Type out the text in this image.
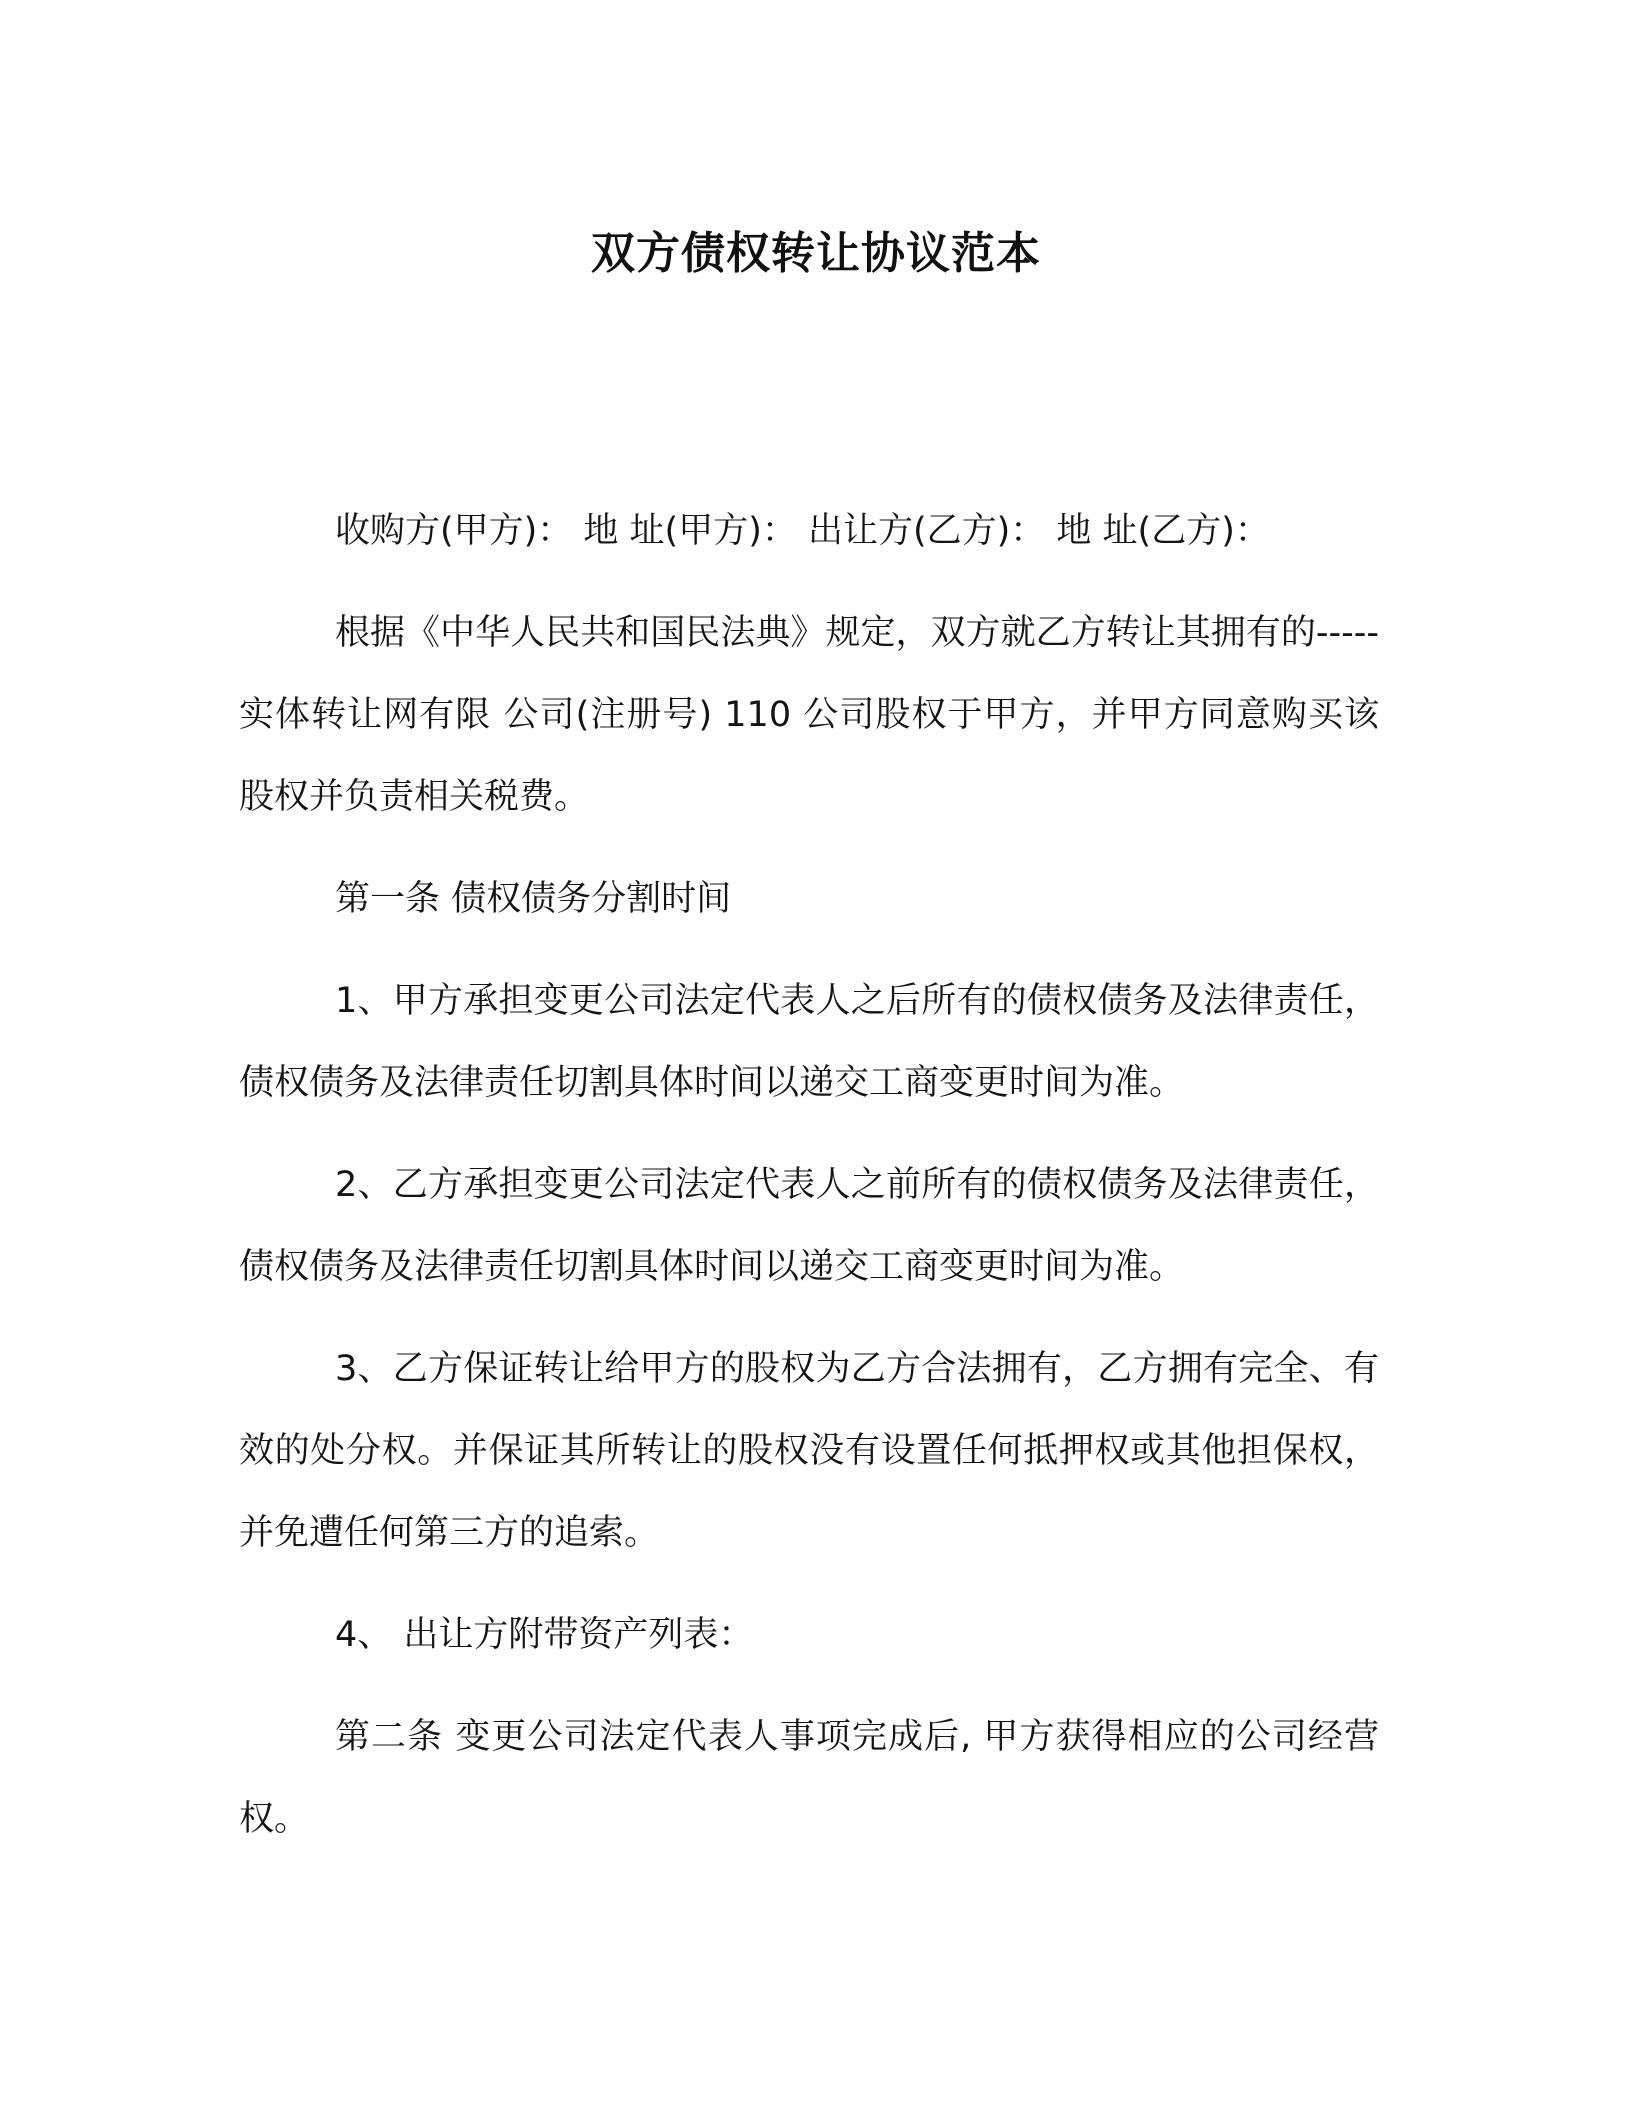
双方债权转让协议范本

收购方(甲方)： 地 址(甲方)： 出让方(乙方)： 地 址(乙方)：

根据《中华人民共和国民法典》规定，双方就乙方转让其拥有的-----实体转让网有限 公司(注册号) 110 公司股权于甲方，并甲方同意购买该股权并负责相关税费。

第一条 债权债务分割时间

1、甲方承担变更公司法定代表人之后所有的债权债务及法律责任，债权债务及法律责任切割具体时间以递交工商变更时间为准。

2、乙方承担变更公司法定代表人之前所有的债权债务及法律责任，债权债务及法律责任切割具体时间以递交工商变更时间为准。

3、乙方保证转让给甲方的股权为乙方合法拥有，乙方拥有完全、有效的处分权。并保证其所转让的股权没有设置任何抵押权或其他担保权，并免遭任何第三方的追索。

4、 出让方附带资产列表：

第二条 变更公司法定代表人事项完成后, 甲方获得相应的公司经营权。
